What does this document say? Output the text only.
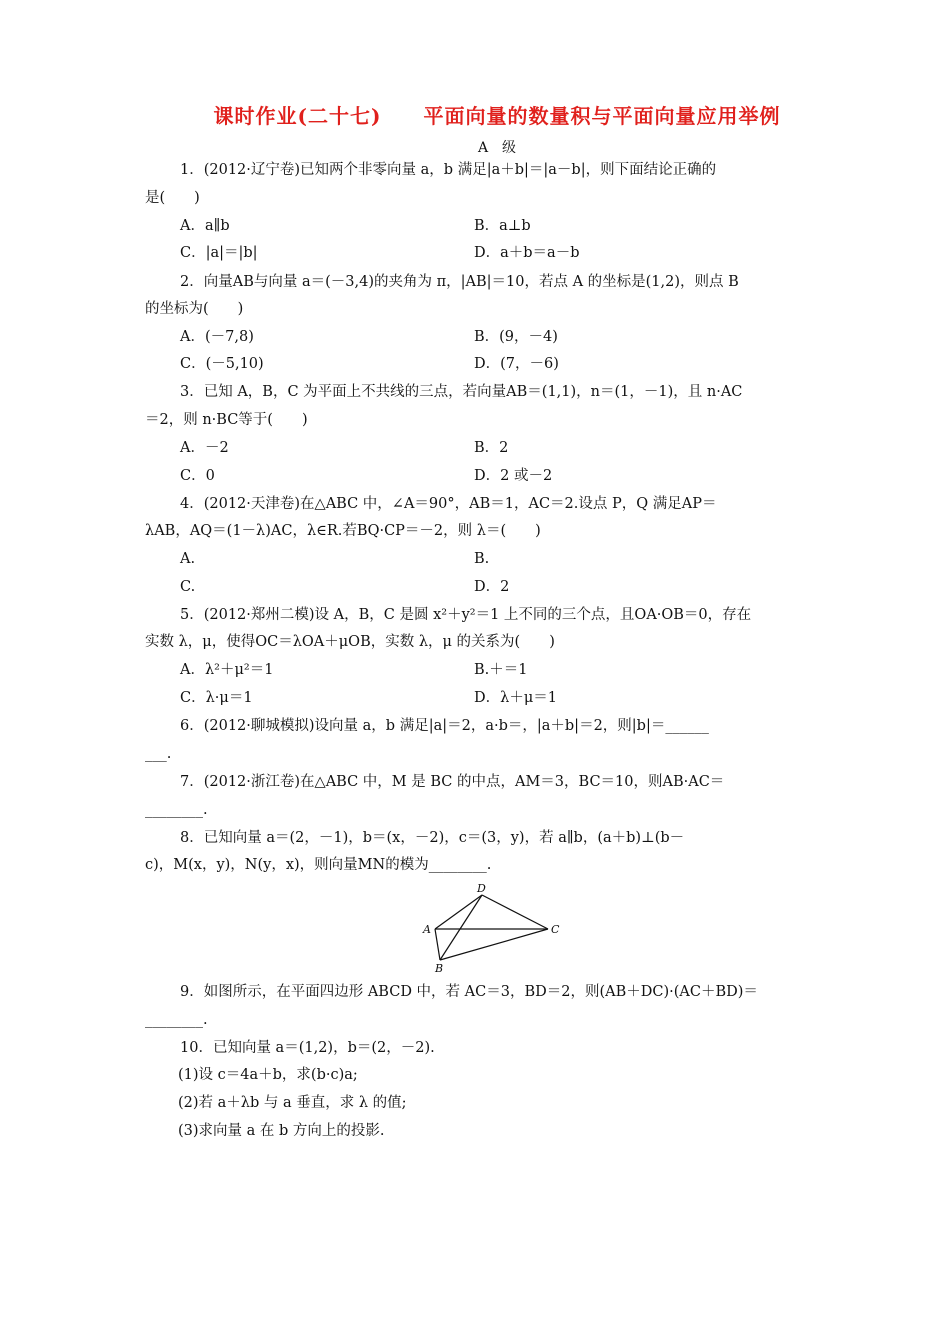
课时作业(二十七)　　平面向量的数量积与平面向量应用举例
A　级
1．(2012·辽宁卷)已知两个非零向量 a，b 满足|a＋b|＝|a－b|，则下面结论正确的
是(　　)
A．a∥b	B．a⊥b
C．|a|＝|b|	D．a＋b＝a－b
2．向量AB与向量 a＝(－3,4)的夹角为 π，|AB|＝10，若点 A 的坐标是(1,2)，则点 B
的坐标为(　　)
A．(－7,8)	B．(9，－4)
C．(－5,10)	D．(7，－6)
3．已知 A，B，C 为平面上不共线的三点，若向量AB＝(1,1)，n＝(1，－1)，且 n·AC
＝2，则 n·BC等于(　　)
A．－2	B．2
C．0	D．2 或－2
4．(2012·天津卷)在△ABC 中，∠A＝90°，AB＝1，AC＝2.设点 P，Q 满足AP＝
λAB，AQ＝(1－λ)AC，λ∈R.若BQ·CP＝－2，则 λ＝(　　)
A.	B.
C.	D．2
5．(2012·郑州二模)设 A，B，C 是圆 x²＋y²＝1 上不同的三个点，且OA·OB＝0，存在
实数 λ，μ，使得OC＝λOA＋μOB，实数 λ，μ 的关系为(　　)
A．λ²＋μ²＝1	B.＋＝1
C．λ·μ＝1	D．λ＋μ＝1
6．(2012·聊城模拟)设向量 a，b 满足|a|＝2，a·b＝，|a＋b|＝2，则|b|＝______
___.
7．(2012·浙江卷)在△ABC 中，M 是 BC 的中点，AM＝3，BC＝10，则AB·AC＝
________.
8．已知向量 a＝(2，－1)，b＝(x，－2)，c＝(3，y)，若 a∥b，(a＋b)⊥(b－
c)，M(x，y)，N(y，x)，则向量MN的模为________.
D
A	C
B
9．如图所示，在平面四边形 ABCD 中，若 AC＝3，BD＝2，则(AB＋DC)·(AC＋BD)＝
________.
10．已知向量 a＝(1,2)，b＝(2，－2).
(1)设 c＝4a＋b，求(b·c)a;
(2)若 a＋λb 与 a 垂直，求 λ 的值;
(3)求向量 a 在 b 方向上的投影.
